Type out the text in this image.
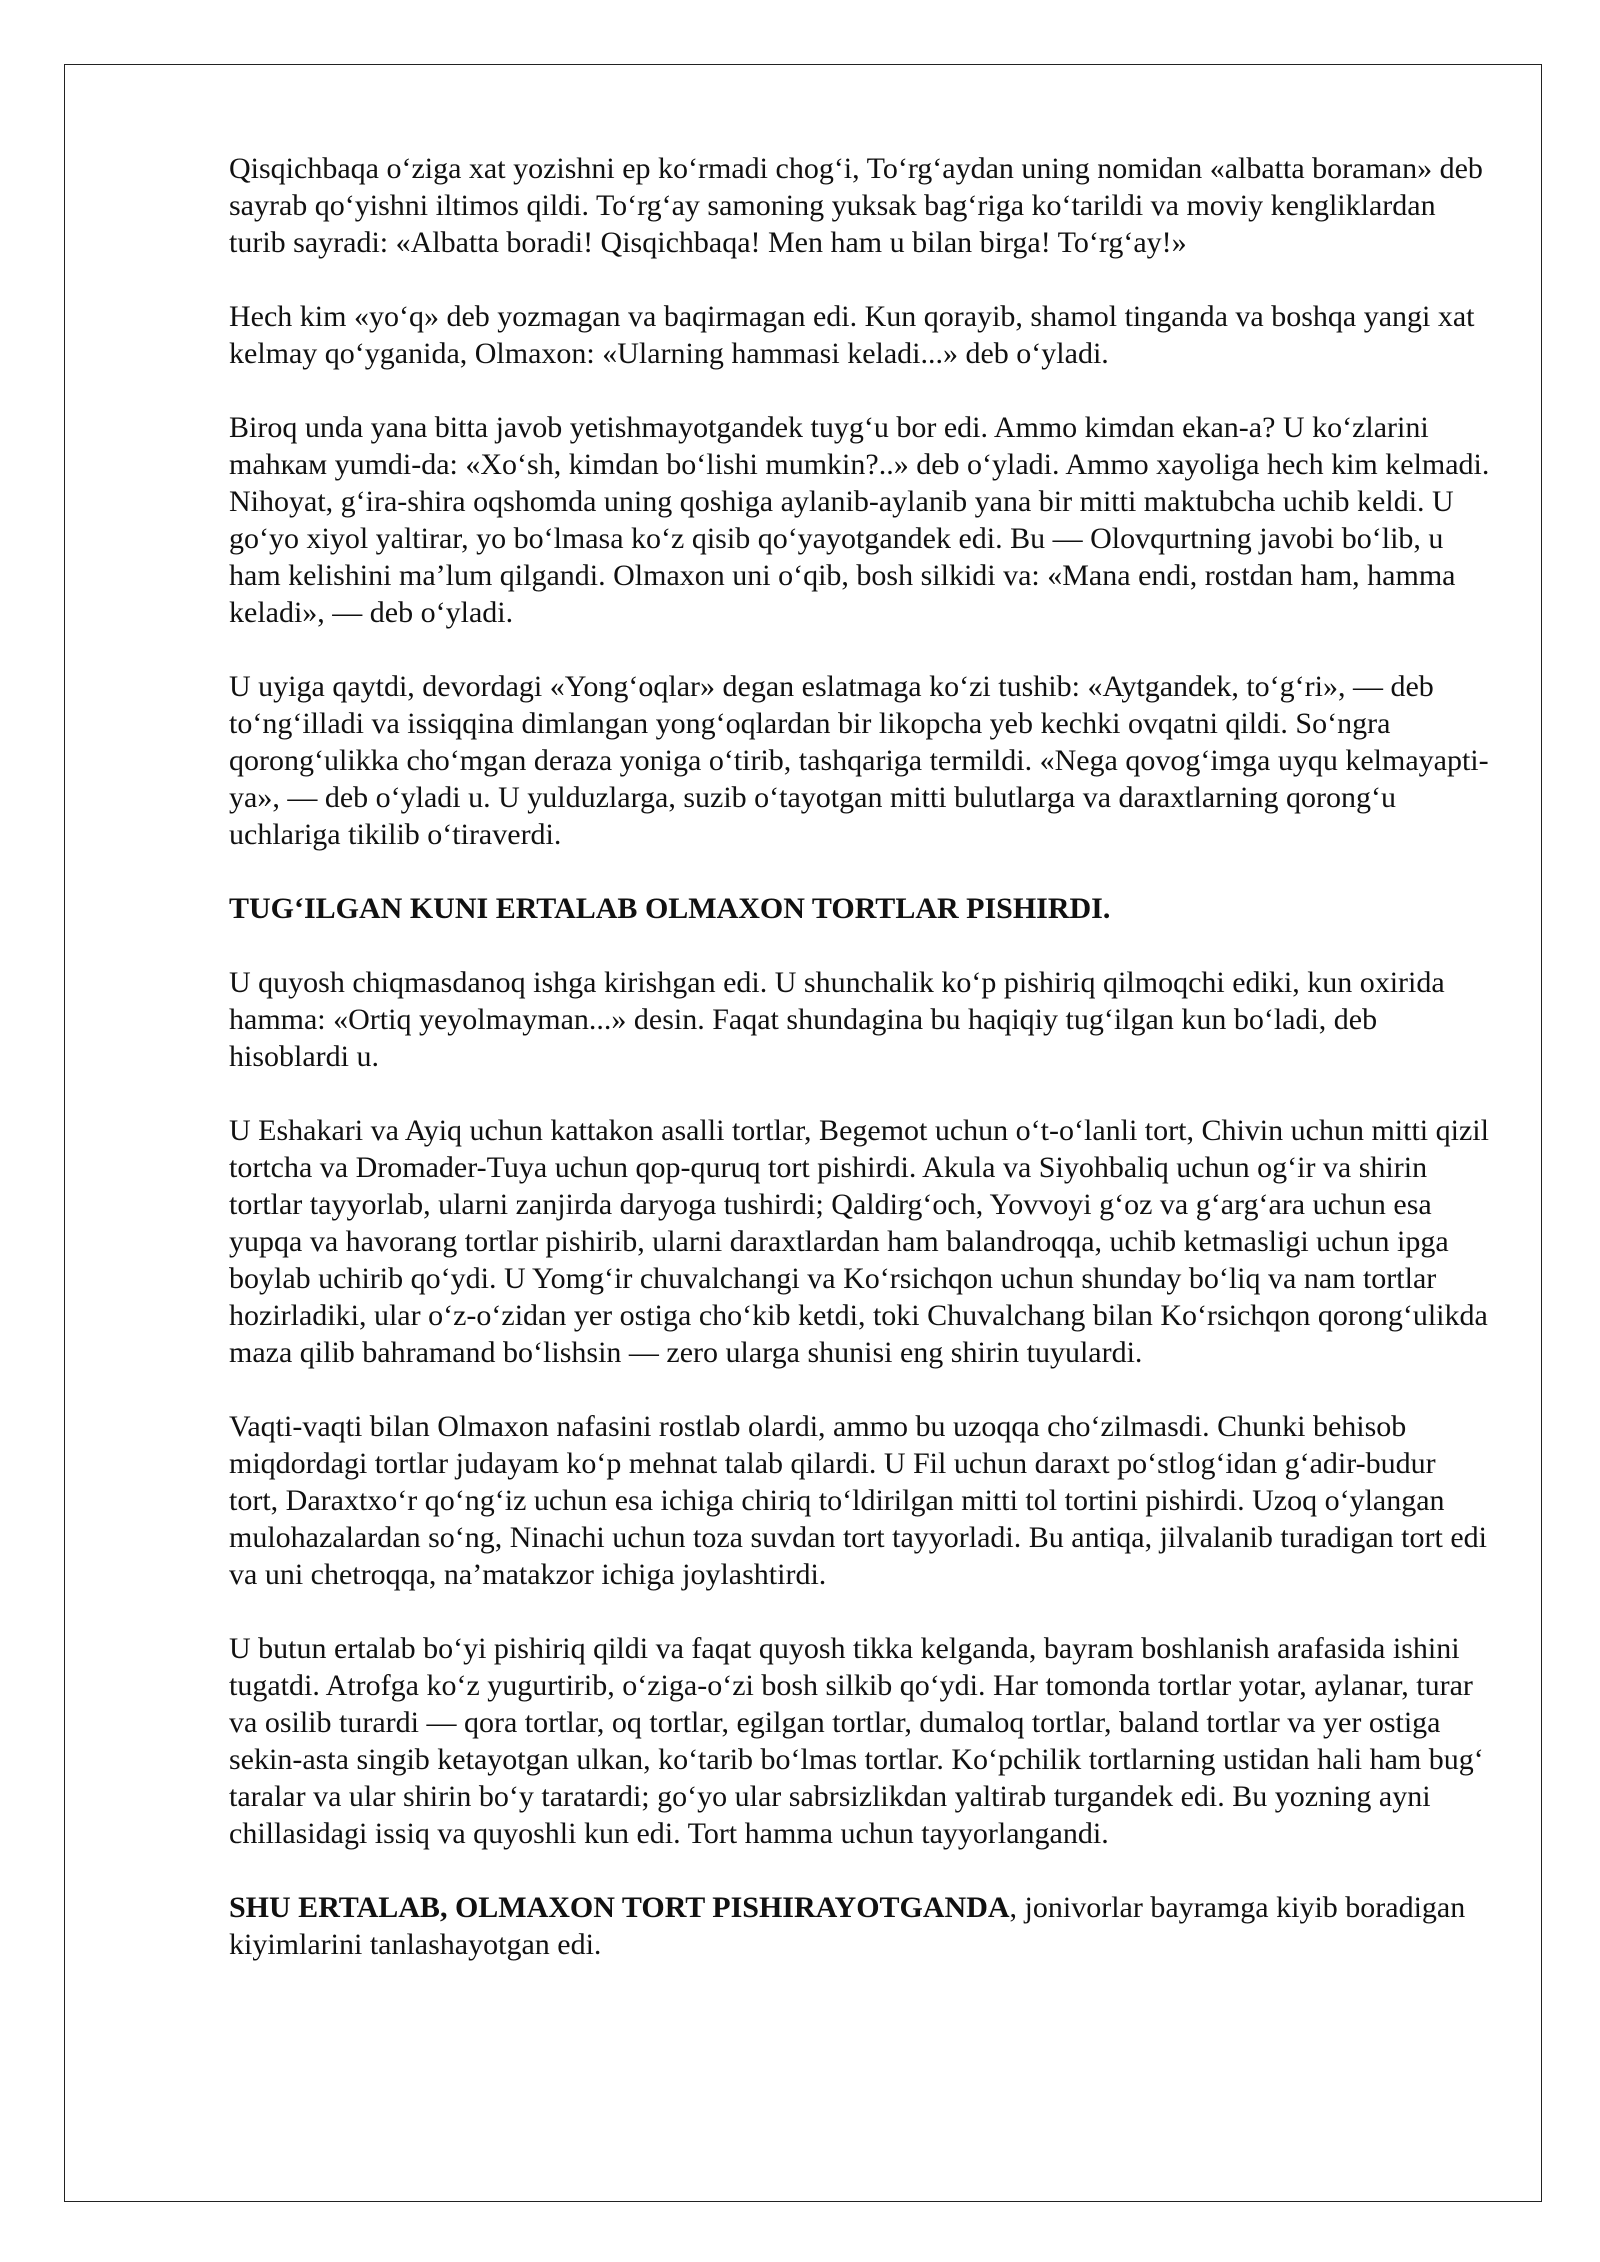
Qisqichbaqa o‘ziga xat yozishni ep ko‘rmadi chog‘i, To‘rg‘aydan uning nomidan «albatta boraman» deb sayrab qo‘yishni iltimos qildi. To‘rg‘ay samoning yuksak bag‘riga ko‘tarildi va moviy kengliklardan turib sayradi: «Albatta boradi! Qisqichbaqa! Men ham u bilan birga! To‘rg‘ay!»

Hech kim «yo‘q» deb yozmagan va baqirmagan edi. Kun qorayib, shamol tinganda va boshqa yangi xat kelmay qo‘yganida, Olmaxon: «Ularning hammasi keladi...» deb o‘yladi.

Biroq unda yana bitta javob yetishmayotgandek tuyg‘u bor edi. Ammo kimdan ekan-a? U ko‘zlarini mahкам yumdi-da: «Xo‘sh, kimdan bo‘lishi mumkin?..» deb o‘yladi. Ammo xayoliga hech kim kelmadi. Nihoyat, g‘ira-shira oqshomda uning qoshiga aylanib-aylanib yana bir mitti maktubcha uchib keldi. U go‘yo xiyol yaltirar, yo bo‘lmasa ko‘z qisib qo‘yayotgandek edi. Bu — Olovqurtning javobi bo‘lib, u ham kelishini ma’lum qilgandi. Olmaxon uni o‘qib, bosh silkidi va: «Mana endi, rostdan ham, hamma keladi», — deb o‘yladi.

U uyiga qaytdi, devordagi «Yong‘oqlar» degan eslatmaga ko‘zi tushib: «Aytgandek, to‘g‘ri», — deb to‘ng‘illadi va issiqqina dimlangan yong‘oqlardan bir likopcha yeb kechki ovqatni qildi. So‘ngra qorong‘ulikka cho‘mgan deraza yoniga o‘tirib, tashqariga termildi. «Nega qovog‘imga uyqu kelmayapti-ya», — deb o‘yladi u. U yulduzlarga, suzib o‘tayotgan mitti bulutlarga va daraxtlarning qorong‘u uchlariga tikilib o‘tiraverdi.

TUG‘ILGAN KUNI ERTALAB OLMAXON TORTLAR PISHIRDI.

U quyosh chiqmasdanoq ishga kirishgan edi. U shunchalik ko‘p pishiriq qilmoqchi ediki, kun oxirida hamma: «Ortiq yeyolmayman...» desin. Faqat shundagina bu haqiqiy tug‘ilgan kun bo‘ladi, deb hisoblardi u.

U Eshakari va Ayiq uchun kattakon asalli tortlar, Begemot uchun o‘t-o‘lanli tort, Chivin uchun mitti qizil tortcha va Dromader-Tuya uchun qop-quruq tort pishirdi. Akula va Siyohbaliq uchun og‘ir va shirin tortlar tayyorlab, ularni zanjirda daryoga tushirdi; Qaldirg‘och, Yovvoyi g‘oz va g‘arg‘ara uchun esa yupqa va havorang tortlar pishirib, ularni daraxtlardan ham balandroqqa, uchib ketmasligi uchun ipga boylab uchirib qo‘ydi. U Yomg‘ir chuvalchangi va Ko‘rsichqon uchun shunday bo‘liq va nam tortlar hozirladiki, ular o‘z-o‘zidan yer ostiga cho‘kib ketdi, toki Chuvalchang bilan Ko‘rsichqon qorong‘ulikda maza qilib bahramand bo‘lishsin — zero ularga shunisi eng shirin tuyulardi.

Vaqti-vaqti bilan Olmaxon nafasini rostlab olardi, ammo bu uzoqqa cho‘zilmasdi. Chunki behisob miqdordagi tortlar judayam ko‘p mehnat talab qilardi. U Fil uchun daraxt po‘stlog‘idan g‘adir-budur tort, Daraxtxo‘r qo‘ng‘iz uchun esa ichiga chiriq to‘ldirilgan mitti tol tortini pishirdi. Uzoq o‘ylangan mulohazalardan so‘ng, Ninachi uchun toza suvdan tort tayyorladi. Bu antiqa, jilvalanib turadigan tort edi va uni chetroqqa, na’matakzor ichiga joylashtirdi.

U butun ertalab bo‘yi pishiriq qildi va faqat quyosh tikka kelganda, bayram boshlanish arafasida ishini tugatdi. Atrofga ko‘z yugurtirib, o‘ziga-o‘zi bosh silkib qo‘ydi. Har tomonda tortlar yotar, aylanar, turar va osilib turardi — qora tortlar, oq tortlar, egilgan tortlar, dumaloq tortlar, baland tortlar va yer ostiga sekin-asta singib ketayotgan ulkan, ko‘tarib bo‘lmas tortlar. Ko‘pchilik tortlarning ustidan hali ham bug‘ taralar va ular shirin bo‘y taratardi; go‘yo ular sabrsizlikdan yaltirab turgandek edi. Bu yozning ayni chillasidagi issiq va quyoshli kun edi. Tort hamma uchun tayyorlangandi.

SHU ERTALAB, OLMAXON TORT PISHIRAYOTGANDA, jonivorlar bayramga kiyib boradigan kiyimlarini tanlashayotgan edi.
